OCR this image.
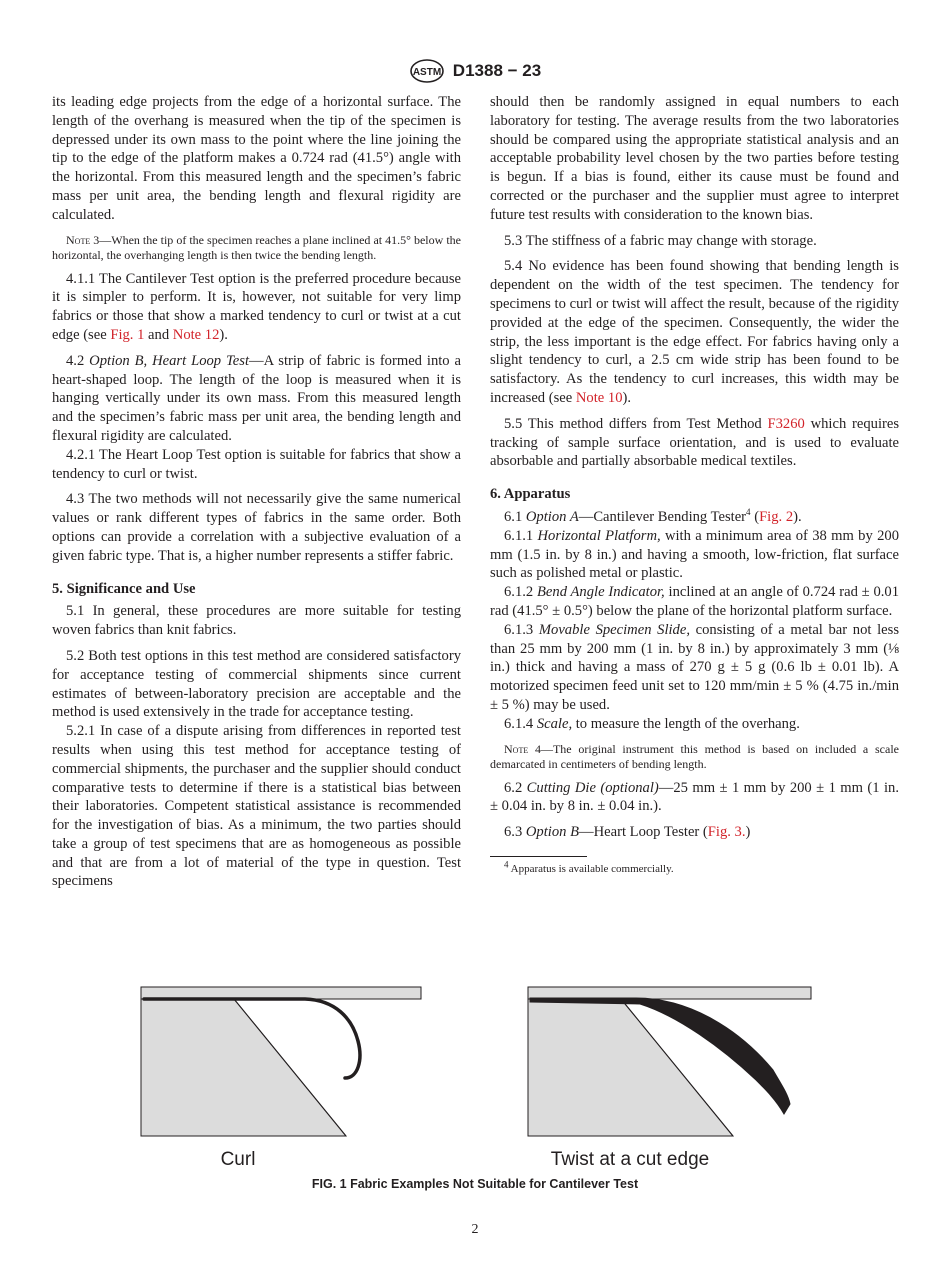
ASTM D1388 − 23

its leading edge projects from the edge of a horizontal surface. The length of the overhang is measured when the tip of the specimen is depressed under its own mass to the point where the line joining the tip to the edge of the platform makes a 0.724 rad (41.5°) angle with the horizontal. From this measured length and the specimen’s fabric mass per unit area, the bending length and flexural rigidity are calculated.

Note 3—When the tip of the specimen reaches a plane inclined at 41.5° below the horizontal, the overhanging length is then twice the bending length.

4.1.1 The Cantilever Test option is the preferred procedure because it is simpler to perform. It is, however, not suitable for very limp fabrics or those that show a marked tendency to curl or twist at a cut edge (see Fig. 1 and Note 12).

4.2 Option B, Heart Loop Test—A strip of fabric is formed into a heart-shaped loop. The length of the loop is measured when it is hanging vertically under its own mass. From this measured length and the specimen’s fabric mass per unit area, the bending length and flexural rigidity are calculated.

4.2.1 The Heart Loop Test option is suitable for fabrics that show a tendency to curl or twist.

4.3 The two methods will not necessarily give the same numerical values or rank different types of fabrics in the same order. Both options can provide a correlation with a subjective evaluation of a given fabric type. That is, a higher number represents a stiffer fabric.

5. Significance and Use

5.1 In general, these procedures are more suitable for testing woven fabrics than knit fabrics.

5.2 Both test options in this test method are considered satisfactory for acceptance testing of commercial shipments since current estimates of between-laboratory precision are acceptable and the method is used extensively in the trade for acceptance testing.

5.2.1 In case of a dispute arising from differences in reported test results when using this test method for acceptance testing of commercial shipments, the purchaser and the supplier should conduct comparative tests to determine if there is a statistical bias between their laboratories. Competent statistical assistance is recommended for the investigation of bias. As a minimum, the two parties should take a group of test specimens that are as homogeneous as possible and that are from a lot of material of the type in question. Test specimens

should then be randomly assigned in equal numbers to each laboratory for testing. The average results from the two laboratories should be compared using the appropriate statistical analysis and an acceptable probability level chosen by the two parties before testing is begun. If a bias is found, either its cause must be found and corrected or the purchaser and the supplier must agree to interpret future test results with consideration to the known bias.

5.3 The stiffness of a fabric may change with storage.

5.4 No evidence has been found showing that bending length is dependent on the width of the test specimen. The tendency for specimens to curl or twist will affect the result, because of the rigidity provided at the edge of the specimen. Consequently, the wider the strip, the less important is the edge effect. For fabrics having only a slight tendency to curl, a 2.5 cm wide strip has been found to be satisfactory. As the tendency to curl increases, this width may be increased (see Note 10).

5.5 This method differs from Test Method F3260 which requires tracking of sample surface orientation, and is used to evaluate absorbable and partially absorbable medical textiles.

6. Apparatus

6.1 Option A—Cantilever Bending Tester$^4$ (Fig. 2).

6.1.1 Horizontal Platform, with a minimum area of 38 mm by 200 mm (1.5 in. by 8 in.) and having a smooth, low-friction, flat surface such as polished metal or plastic.

6.1.2 Bend Angle Indicator, inclined at an angle of 0.724 rad ± 0.01 rad (41.5° ± 0.5°) below the plane of the horizontal platform surface.

6.1.3 Movable Specimen Slide, consisting of a metal bar not less than 25 mm by 200 mm (1 in. by 8 in.) by approximately 3 mm (⅛ in.) thick and having a mass of 270 g ± 5 g (0.6 lb ± 0.01 lb). A motorized specimen feed unit set to 120 mm/min ± 5 % (4.75 in./min ± 5 %) may be used.

6.1.4 Scale, to measure the length of the overhang.

Note 4—The original instrument this method is based on included a scale demarcated in centimeters of bending length.

6.2 Cutting Die (optional)—25 mm ± 1 mm by 200 ± 1 mm (1 in. ± 0.04 in. by 8 in. ± 0.04 in.).

6.3 Option B—Heart Loop Tester (Fig. 3.)

$^4$ Apparatus is available commercially.

Curl	Twist at a cut edge
FIG. 1 Fabric Examples Not Suitable for Cantilever Test
2
